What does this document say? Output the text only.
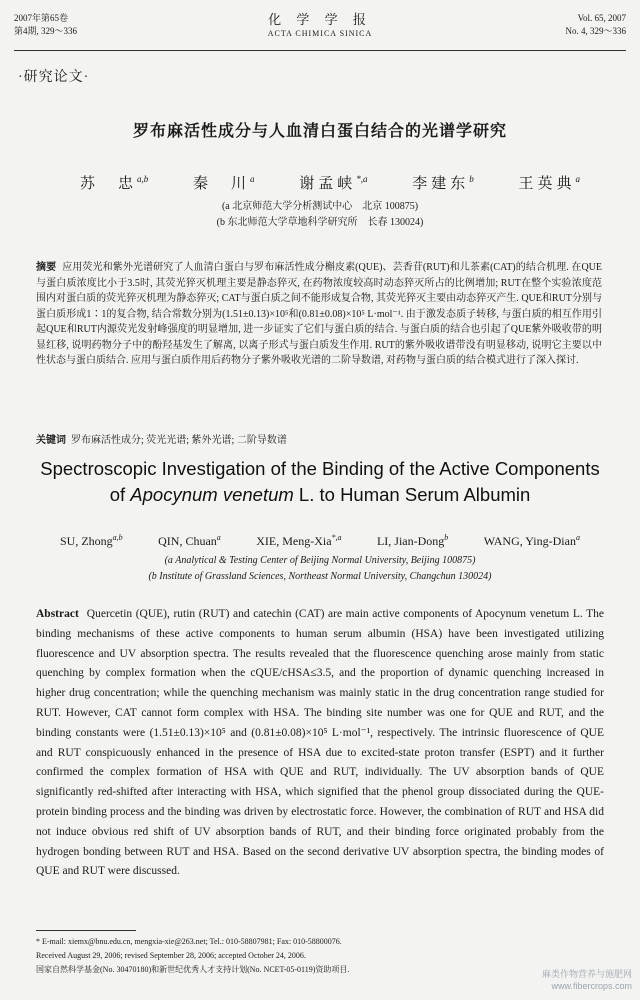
2007年第65卷
第4期, 329～336
化 学 学 报
ACTA CHIMICA SINICA
Vol. 65, 2007
No. 4, 329～336
·研究论文·
罗布麻活性成分与人血清白蛋白结合的光谱学研究
苏　忠$^{a,b}$	秦　川$^a$	谢孟峡$^{*,a}$	李建东$^b$	王英典$^a$
(a 北京师范大学分析测试中心　北京 100875)
(b 东北师范大学草地科学研究所　长春 130024)
摘要 应用荧光和紫外光谱研究了人血清白蛋白与罗布麻活性成分槲皮素(QUE)、芸香苷(RUT)和儿茶素(CAT)的结合机理. 在QUE与蛋白质浓度比小于3.5时, 其荧光猝灭机理主要是静态猝灭, 在药物浓度较高时动态猝灭所占的比例增加; RUT在整个实验浓度范围内对蛋白质的荧光猝灭机理为静态猝灭; CAT与蛋白质之间不能形成复合物, 其荧光猝灭主要由动态猝灭产生. QUE和RUT分别与蛋白质形成1∶1的复合物, 结合常数分别为(1.51±0.13)×10⁵和(0.81±0.08)×10⁵ L·mol⁻¹. 由于激发态质子转移, 与蛋白质的相互作用引起QUE和RUT内源荧光发射峰强度的明显增加, 进一步证实了它们与蛋白质的结合. 与蛋白质的结合也引起了QUE紫外吸收带的明显红移, 说明药物分子中的酚羟基发生了解离, 以离子形式与蛋白质发生作用. RUT的紫外吸收谱带没有明显移动, 说明它主要以中性状态与蛋白质结合. 应用与蛋白质作用后药物分子紫外吸收光谱的二阶导数谱, 对药物与蛋白质的结合模式进行了深入探讨.
关键词 罗布麻活性成分; 荧光光谱; 紫外光谱; 二阶导数谱
Spectroscopic Investigation of the Binding of the Active Components
of Apocynum venetum L. to Human Serum Albumin
SU, Zhong$^{a,b}$	QIN, Chuan$^a$	XIE, Meng-Xia$^{*,a}$	LI, Jian-Dong$^b$	WANG, Ying-Dian$^a$
(a Analytical & Testing Center of Beijing Normal University, Beijing 100875)
(b Institute of Grassland Sciences, Northeast Normal University, Changchun 130024)
Abstract Quercetin (QUE), rutin (RUT) and catechin (CAT) are main active components of Apocynum venetum L. The binding mechanisms of these active components to human serum albumin (HSA) have been investigated utilizing fluorescence and UV absorption spectra. The results revealed that the fluorescence quenching arose mainly from static quenching by complex formation when the cQUE/cHSA≤3.5, and the proportion of dynamic quenching increased in higher drug concentration; while the quenching mechanism was mainly static in the drug concentration range studied for RUT. However, CAT cannot form complex with HSA. The binding site number was one for QUE and RUT, and the binding constants were (1.51±0.13)×10⁵ and (0.81±0.08)×10⁵ L·mol⁻¹, respectively. The intrinsic fluorescence of QUE and RUT conspicuously enhanced in the presence of HSA due to excited-state proton transfer (ESPT) and it further confirmed the complex formation of HSA with QUE and RUT, individually. The UV absorption bands of QUE significantly red-shifted after interacting with HSA, which signified that the phenol group dissociated during the QUE-protein binding process and the binding was driven by electrostatic force. However, the combination of RUT and HSA did not induce obvious red shift of UV absorption bands of RUT, and their binding force originated probably from the hydrogen bonding between RUT and HSA. Based on the second derivative UV absorption spectra, the binding modes of QUE and RUT were discussed.
* E-mail: xiemx@bnu.edu.cn, mengxia-xie@263.net; Tel.: 010-58807981; Fax: 010-58800076.
Received August 29, 2006; revised September 28, 2006; accepted October 24, 2006.
国家自然科学基金(No. 30470180)和新世纪优秀人才支持计划(No. NCET-05-0119)资助项目.	麻类作物营养与施肥网
www.fibercrops.com
